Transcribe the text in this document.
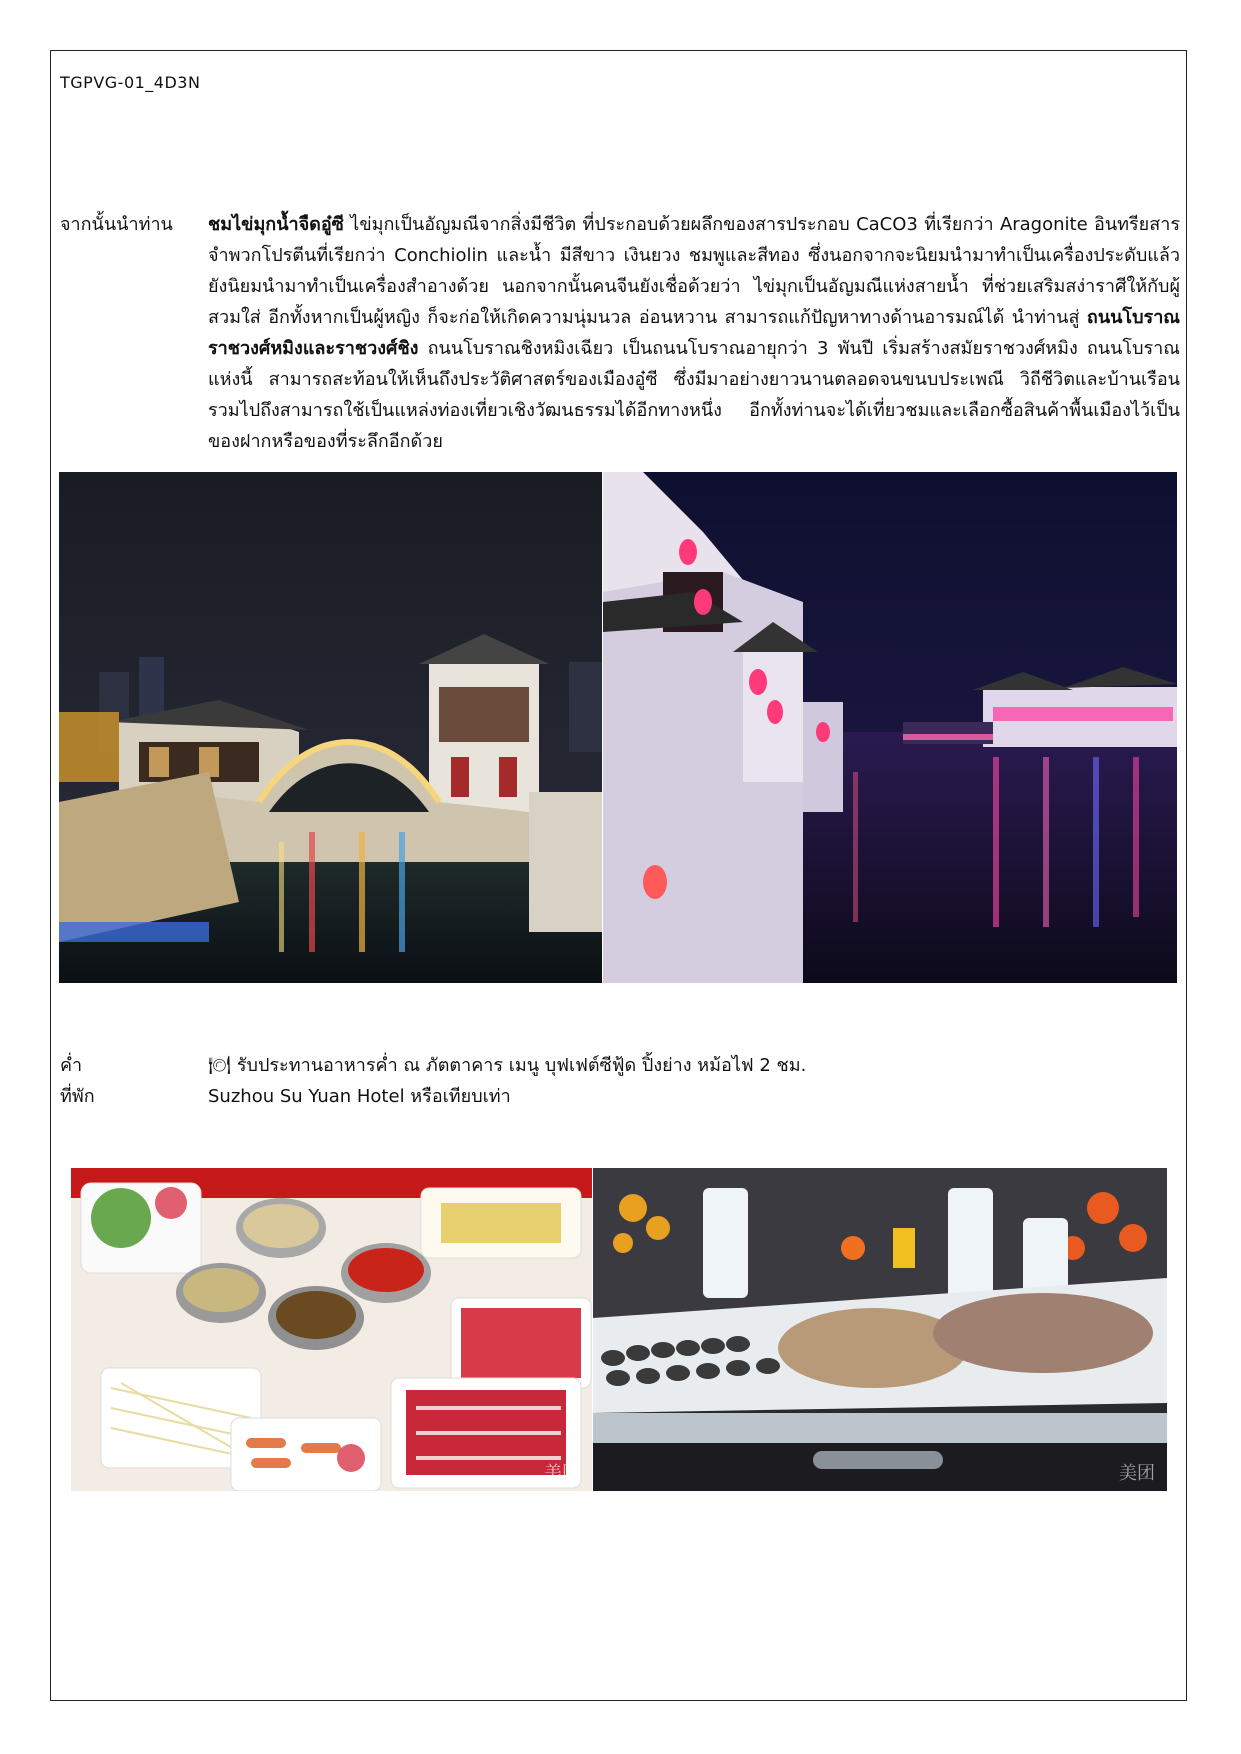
TGPVG-01_4D3N
จากนั้นนำท่าน ชมไข่มุกน้ำจืดอู๋ซี ไข่มุกเป็นอัญมณีจากสิ่งมีชีวิต ที่ประกอบด้วยผลึกของสารประกอบ CaCO3 ที่เรียกว่า Aragonite อินทรียสารจำพวกโปรตีนที่เรียกว่า Conchiolin และน้ำ มีสีขาว เงินยวง ชมพูและสีทอง ซึ่งนอกจากจะนิยมนำมาทำเป็นเครื่องประดับแล้ว ยังนิยมนำมาทำเป็นเครื่องสำอางด้วย นอกจากนั้นคนจีนยังเชื่อด้วยว่า ไข่มุกเป็นอัญมณีแห่งสายน้ำ ที่ช่วยเสริมสง่าราศีให้กับผู้สวมใส่ อีกทั้งหากเป็นผู้หญิง ก็จะก่อให้เกิดความนุ่มนวล อ่อนหวาน สามารถแก้ปัญหาทางด้านอารมณ์ได้ นำท่านสู่ ถนนโบราณราชวงศ์หมิงและราชวงศ์ชิง ถนนโบราณชิงหมิงเฉียว เป็นถนนโบราณอายุกว่า 3 พันปี เริ่มสร้างสมัยราชวงศ์หมิง ถนนโบราณแห่งนี้ สามารถสะท้อนให้เห็นถึงประวัติศาสตร์ของเมืองอู๋ซี ซึ่งมีมาอย่างยาวนานตลอดจนขนบประเพณี วิถีชีวิตและบ้านเรือน รวมไปถึงสามารถใช้เป็นแหล่งท่องเที่ยวเชิงวัฒนธรรมได้อีกทางหนึ่ง อีกทั้งท่านจะได้เที่ยวชมและเลือกซื้อสินค้าพื้นเมืองไว้เป็นของฝากหรือของที่ระลึกอีกด้วย
ค่ำ	🍽 รับประทานอาหารค่ำ ณ ภัตตาคาร เมนู บุฟเฟต์ซีฟู้ด ปิ้งย่าง หม้อไฟ 2 ชม.
ที่พัก	Suzhou Su Yuan Hotel หรือเทียบเท่า
美团	美团
